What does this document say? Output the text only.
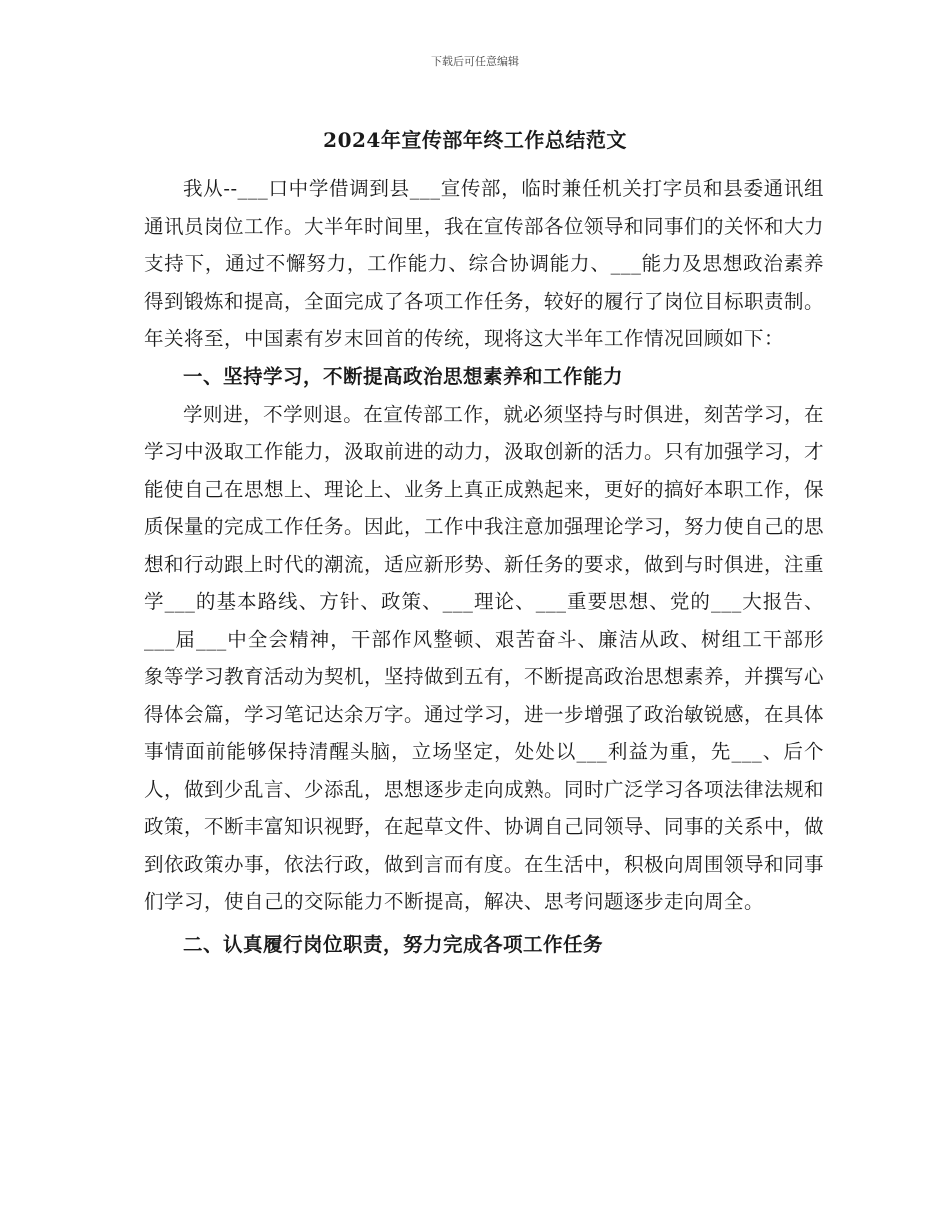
下载后可任意编辑
2024年宣传部年终工作总结范文

我从--___口中学借调到县___宣传部，临时兼任机关打字员和县委通讯组通讯员岗位工作。大半年时间里，我在宣传部各位领导和同事们的关怀和大力支持下，通过不懈努力，工作能力、综合协调能力、___能力及思想政治素养得到锻炼和提高，全面完成了各项工作任务，较好的履行了岗位目标职责制。年关将至，中国素有岁末回首的传统，现将这大半年工作情况回顾如下：

一、坚持学习，不断提高政治思想素养和工作能力

学则进，不学则退。在宣传部工作，就必须坚持与时俱进，刻苦学习，在学习中汲取工作能力，汲取前进的动力，汲取创新的活力。只有加强学习，才能使自己在思想上、理论上、业务上真正成熟起来，更好的搞好本职工作，保质保量的完成工作任务。因此，工作中我注意加强理论学习，努力使自己的思想和行动跟上时代的潮流，适应新形势、新任务的要求，做到与时俱进，注重学___的基本路线、方针、政策、___理论、___重要思想、党的___大报告、___届___中全会精神，干部作风整顿、艰苦奋斗、廉洁从政、树组工干部形象等学习教育活动为契机，坚持做到五有，不断提高政治思想素养，并撰写心得体会篇，学习笔记达余万字。通过学习，进一步增强了政治敏锐感，在具体事情面前能够保持清醒头脑，立场坚定，处处以___利益为重，先___、后个人，做到少乱言、少添乱，思想逐步走向成熟。同时广泛学习各项法律法规和政策，不断丰富知识视野，在起草文件、协调自己同领导、同事的关系中，做到依政策办事，依法行政，做到言而有度。在生活中，积极向周围领导和同事们学习，使自己的交际能力不断提高，解决、思考问题逐步走向周全。

二、认真履行岗位职责，努力完成各项工作任务
